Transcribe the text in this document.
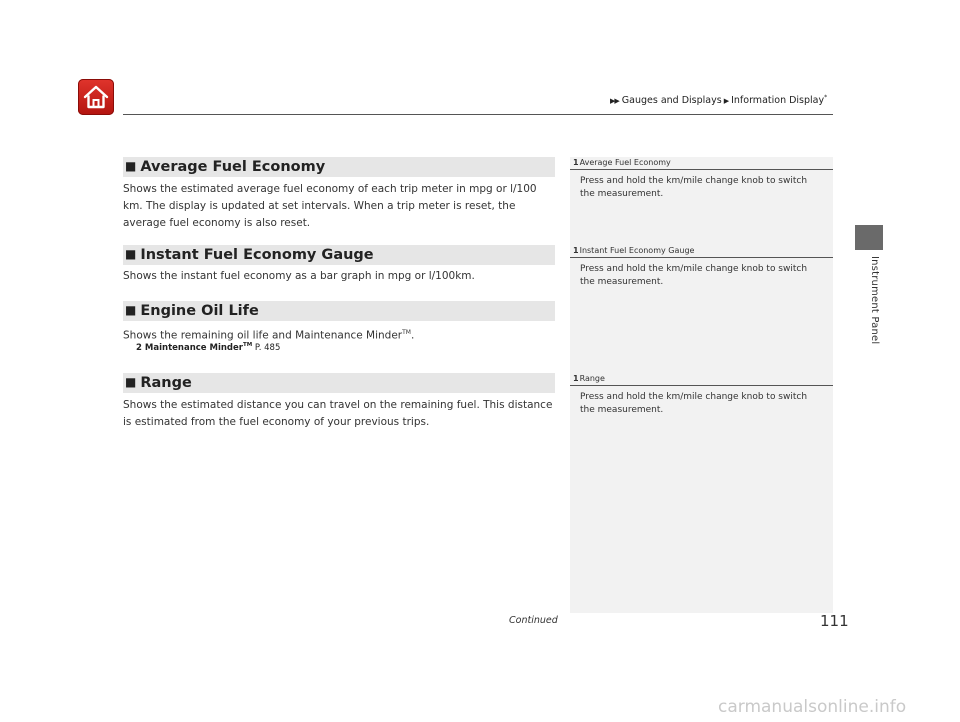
▶▶ Gauges and Displays ▶ Information Display*
Instrument Panel
1Average Fuel Economy
Press and hold the km/mile change knob to switch the measurement.
1Instant Fuel Economy Gauge
Press and hold the km/mile change knob to switch the measurement.
1Range
Press and hold the km/mile change knob to switch the measurement.
■ Average Fuel Economy
Shows the estimated average fuel economy of each trip meter in mpg or l/100 km. The display is updated at set intervals. When a trip meter is reset, the average fuel economy is also reset.
■ Instant Fuel Economy Gauge
Shows the instant fuel economy as a bar graph in mpg or l/100km.
■ Engine Oil Life
Shows the remaining oil life and Maintenance Minder™.
2 Maintenance Minder™ P. 485
■ Range
Shows the estimated distance you can travel on the remaining fuel. This distance is estimated from the fuel economy of your previous trips.
Continued	111
carmanualsonline.info
